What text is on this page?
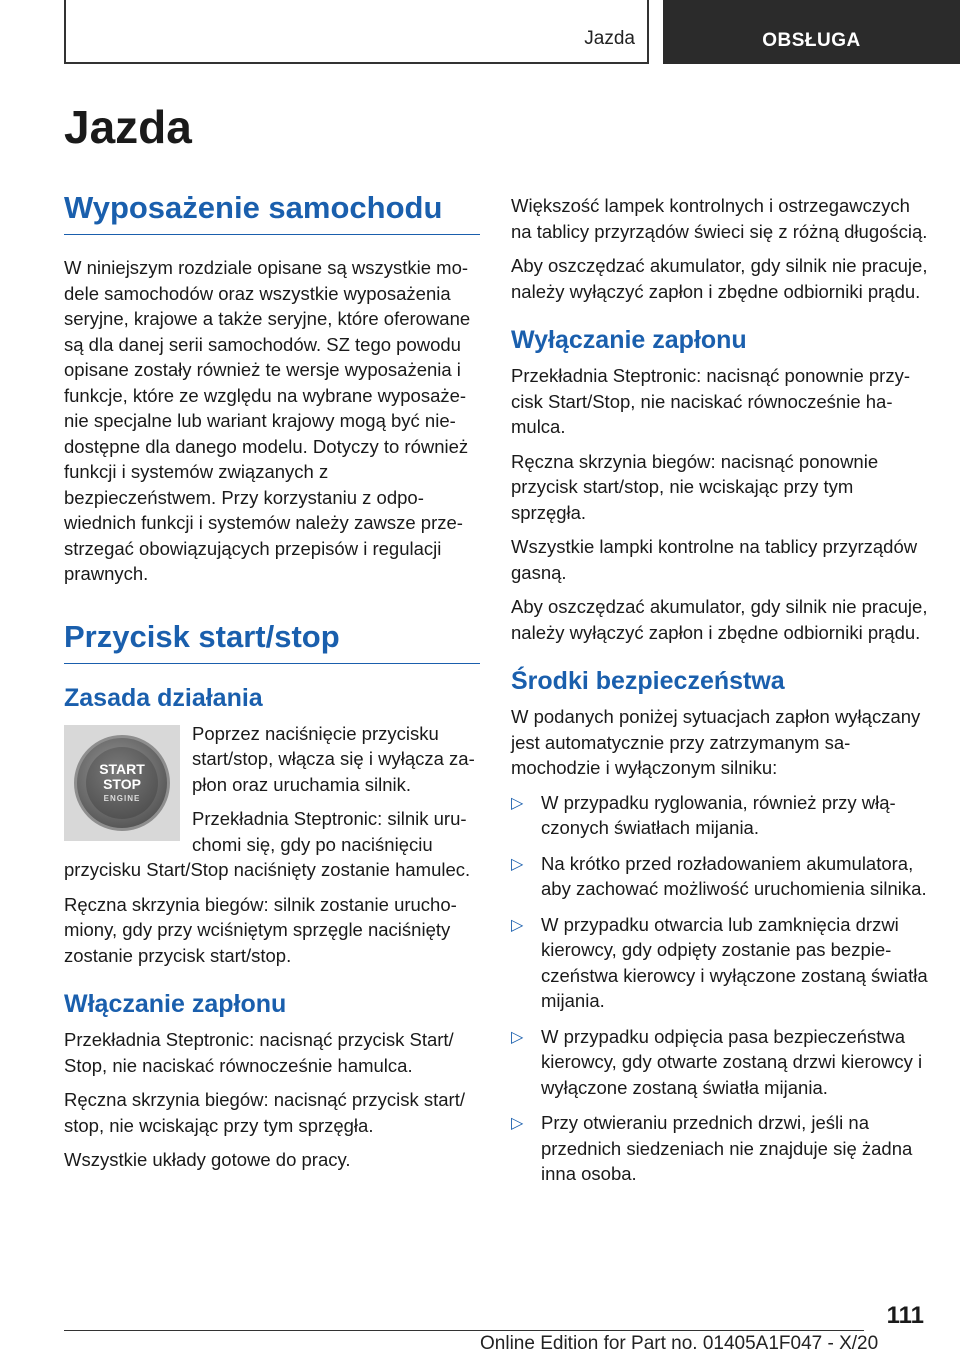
Jazda	OBSŁUGA
Jazda
Wyposażenie samochodu

W niniejszym rozdziale opisane są wszystkie modele samochodów oraz wszystkie wyposażenia seryjne, krajowe a także seryjne, które oferowane są dla danej serii samochodów. SZ tego powodu opisane zostały również te wersje wyposażenia i funkcje, które ze względu na wybrane wyposażenie specjalne lub wariant krajowy mogą być niedostępne dla danego modelu. Dotyczy to również funkcji i systemów związanych z bezpieczeństwem. Przy korzystaniu z odpowiednich funkcji i systemów należy zawsze przestrzegać obowiązujących przepisów i regulacji prawnych.

Przycisk start/stop
Zasada działania
START
STOP
ENGINE

Poprzez naciśnięcie przycisku start/stop, włącza się i wyłącza zapłon oraz uruchamia silnik.

Przekładnia Steptronic: silnik uruchomi się, gdy po naciśnięciu przycisku Start/Stop naciśnięty zostanie hamulec.

Ręczna skrzynia biegów: silnik zostanie uruchomiony, gdy przy wciśniętym sprzęgle naciśnięty zostanie przycisk start/stop.

Włączanie zapłonu

Przekładnia Steptronic: nacisnąć przycisk Start/ Stop, nie naciskać równocześnie hamulca.

Ręczna skrzynia biegów: nacisnąć przycisk start/ stop, nie wciskając przy tym sprzęgła.

Wszystkie układy gotowe do pracy.

Większość lampek kontrolnych i ostrzegawczych na tablicy przyrządów świeci się z różną długością.

Aby oszczędzać akumulator, gdy silnik nie pracuje, należy wyłączyć zapłon i zbędne odbiorniki prądu.

Wyłączanie zapłonu

Przekładnia Steptronic: nacisnąć ponownie przycisk Start/Stop, nie naciskać równocześnie hamulca.

Ręczna skrzynia biegów: nacisnąć ponownie przycisk start/stop, nie wciskając przy tym sprzęgła.

Wszystkie lampki kontrolne na tablicy przyrządów gasną.

Aby oszczędzać akumulator, gdy silnik nie pracuje, należy wyłączyć zapłon i zbędne odbiorniki prądu.

Środki bezpieczeństwa

W podanych poniżej sytuacjach zapłon wyłączany jest automatycznie przy zatrzymanym samochodzie i wyłączonym silniku:

▷ W przypadku ryglowania, również przy włączonych światłach mijania.
▷ Na krótko przed rozładowaniem akumulatora, aby zachować możliwość uruchomienia silnika.
▷ W przypadku otwarcia lub zamknięcia drzwi kierowcy, gdy odpięty zostanie pas bezpieczeństwa kierowcy i wyłączone zostaną światła mijania.
▷ W przypadku odpięcia pasa bezpieczeństwa kierowcy, gdy otwarte zostaną drzwi kierowcy i wyłączone zostaną światła mijania.
▷ Przy otwieraniu przednich drzwi, jeśli na przednich siedzeniach nie znajduje się żadna inna osoba.
111
Online Edition for Part no. 01405A1F047 - X/20
